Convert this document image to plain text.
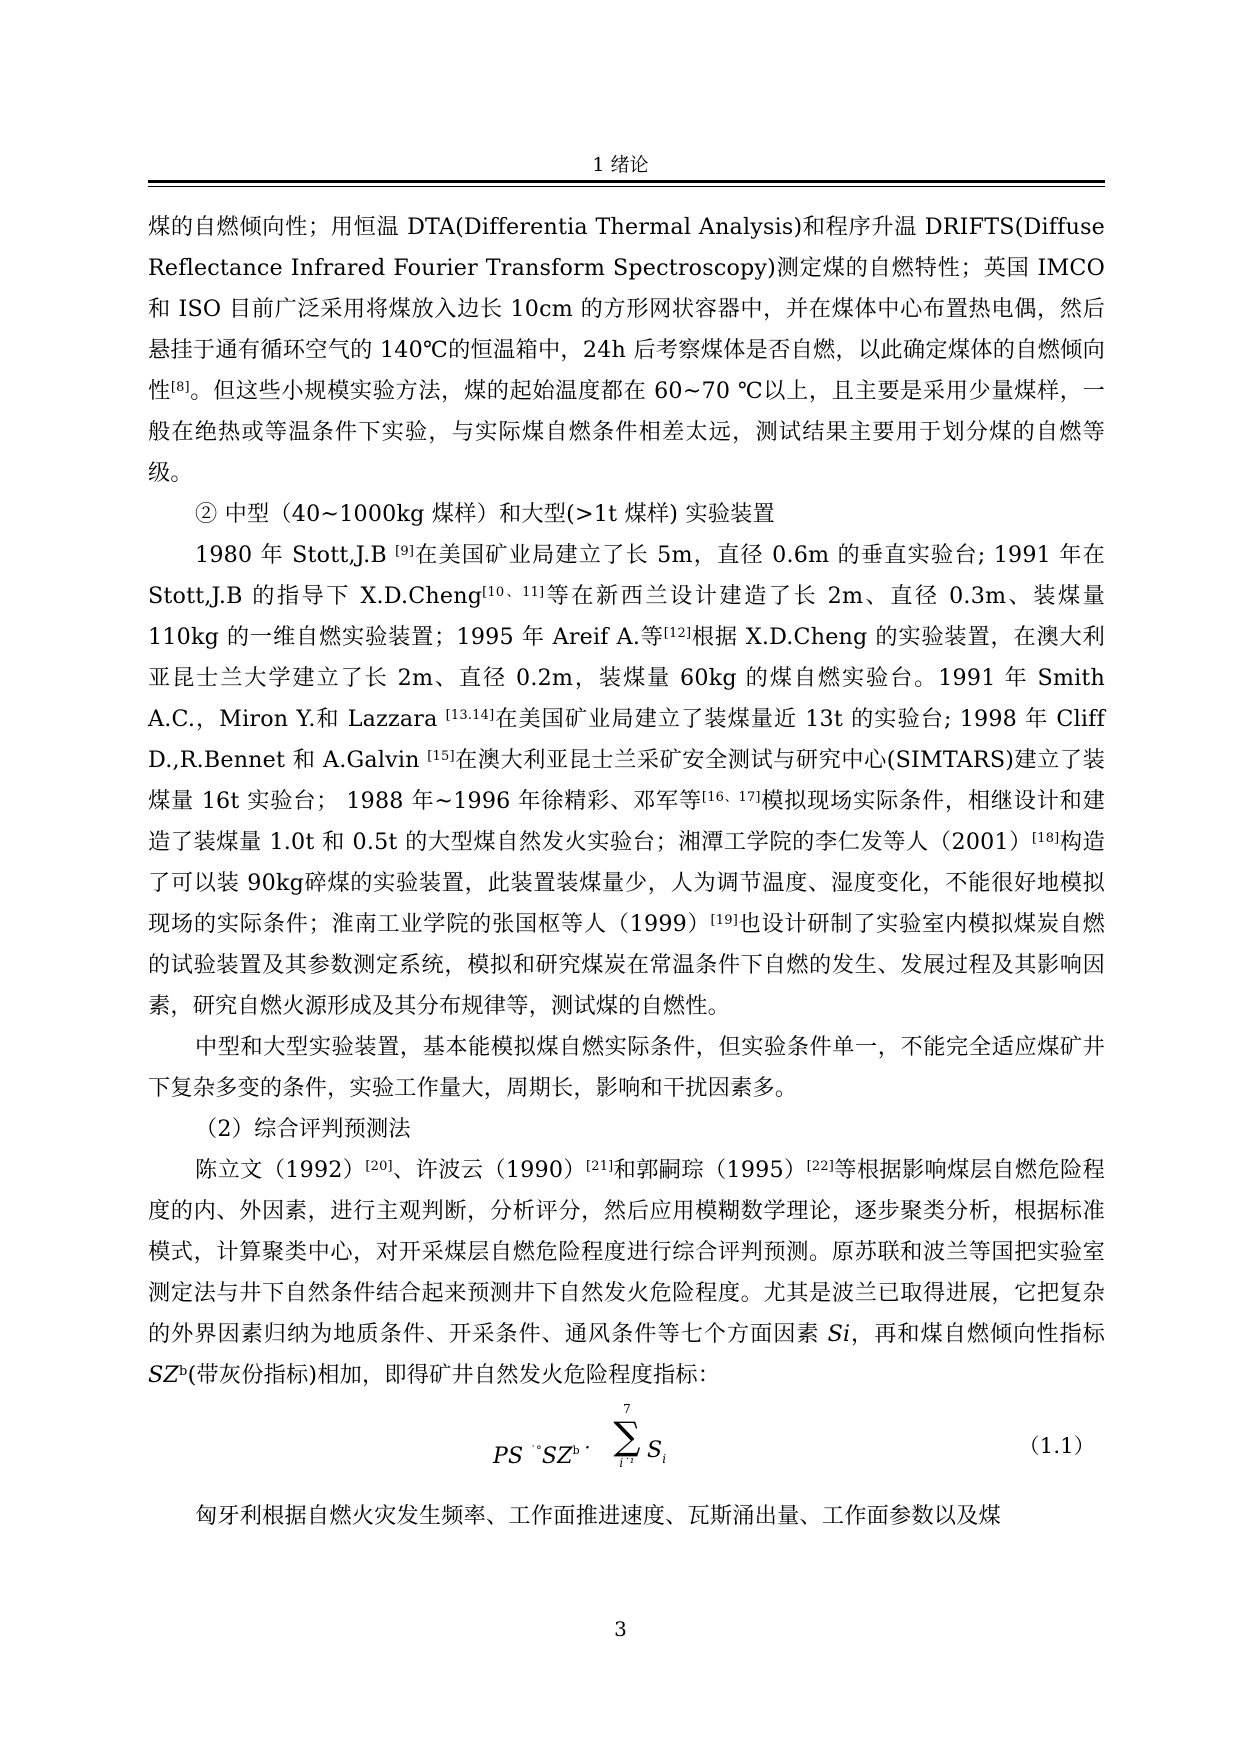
1 绪论

煤的自燃倾向性；用恒温 DTA(Differentia Thermal Analysis)和程序升温 DRIFTS(Diffuse Reflectance Infrared Fourier Transform Spectroscopy)测定煤的自燃特性；英国 IMCO 和 ISO 目前广泛采用将煤放入边长 10cm 的方形网状容器中，并在煤体中心布置热电偶，然后悬挂于通有循环空气的 140℃的恒温箱中，24h 后考察煤体是否自燃，以此确定煤体的自燃倾向性[8]。但这些小规模实验方法，煤的起始温度都在 60~70 ℃以上，且主要是采用少量煤样，一般在绝热或等温条件下实验，与实际煤自燃条件相差太远，测试结果主要用于划分煤的自燃等级。

② 中型（40~1000kg 煤样）和大型(>1t 煤样) 实验装置

1980 年 Stott,J.B [9]在美国矿业局建立了长 5m，直径 0.6m 的垂直实验台; 1991 年在 Stott,J.B 的指导下 X.D.Cheng[10、11]等在新西兰设计建造了长 2m、直径 0.3m、装煤量 110kg 的一维自燃实验装置；1995 年 Areif A.等[12]根据 X.D.Cheng 的实验装置，在澳大利亚昆士兰大学建立了长 2m、直径 0.2m，装煤量 60kg 的煤自燃实验台。1991 年 Smith A.C.，Miron Y.和 Lazzara [13.14]在美国矿业局建立了装煤量近 13t 的实验台; 1998 年 Cliff D.,R.Bennet 和 A.Galvin [15]在澳大利亚昆士兰采矿安全测试与研究中心(SIMTARS)建立了装煤量 16t 实验台； 1988 年~1996 年徐精彩、邓军等[16、17]模拟现场实际条件，相继设计和建造了装煤量 1.0t 和 0.5t 的大型煤自然发火实验台；湘潭工学院的李仁发等人（2001）[18]构造了可以装 90kg碎煤的实验装置，此装置装煤量少，人为调节温度、湿度变化，不能很好地模拟现场的实际条件；淮南工业学院的张国枢等人（1999）[19]也设计研制了实验室内模拟煤炭自燃的试验装置及其参数测定系统，模拟和研究煤炭在常温条件下自燃的发生、发展过程及其影响因素，研究自燃火源形成及其分布规律等，测试煤的自燃性。

中型和大型实验装置，基本能模拟煤自燃实际条件，但实验条件单一，不能完全适应煤矿井下复杂多变的条件，实验工作量大，周期长，影响和干扰因素多。

（2）综合评判预测法

陈立文（1992）[20]、许波云（1990）[21]和郭嗣琮（1995）[22]等根据影响煤层自燃危险程度的内、外因素，进行主观判断，分析评分，然后应用模糊数学理论，逐步聚类分析，根据标准模式，计算聚类中心，对开采煤层自燃危险程度进行综合评判预测。原苏联和波兰等国把实验室测定法与井下自然条件结合起来预测井下自然发火危险程度。尤其是波兰已取得进展，它把复杂的外界因素归纳为地质条件、开采条件、通风条件等七个方面因素 Si，再和煤自燃倾向性指标 $SZ^b$(带灰份指标)相加，即得矿井自然发火危险程度指标：

PS $^{˙^\circ}SZ^b˙$
7
∑
i˙¹ $S_i$
（1.1）

匈牙利根据自燃火灾发生频率、工作面推进速度、瓦斯涌出量、工作面参数以及煤

3
